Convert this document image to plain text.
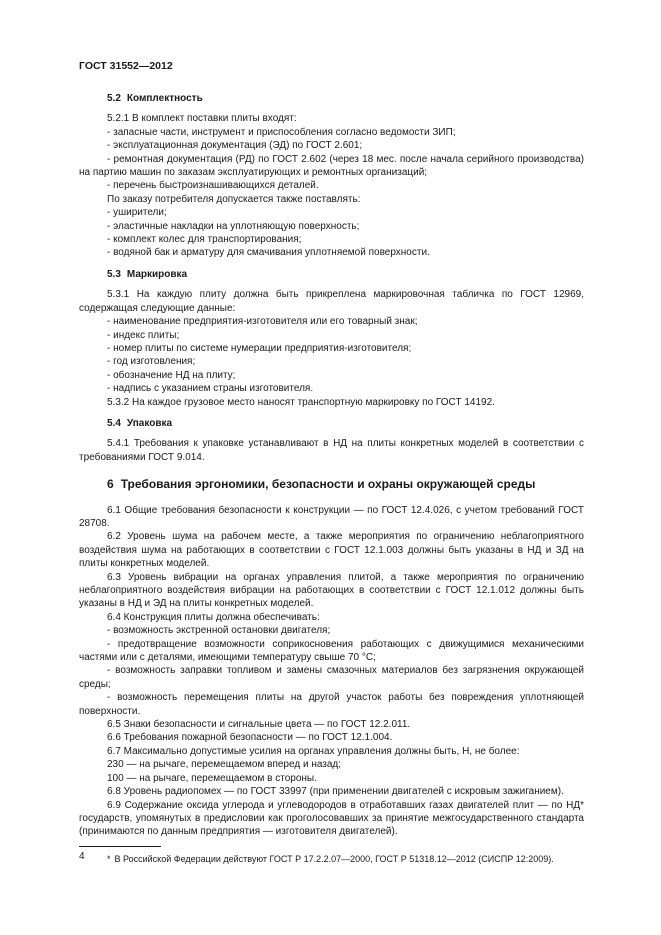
ГОСТ 31552—2012
5.2 Комплектность

5.2.1 В комплект поставки плиты входят:

- запасные части, инструмент и приспособления согласно ведомости ЗИП;

- эксплуатационная документация (ЭД) по ГОСТ 2.601;

- ремонтная документация (РД) по ГОСТ 2.602 (через 18 мес. после начала серийного производства) на партию машин по заказам эксплуатирующих и ремонтных организаций;

- перечень быстроизнашивающихся деталей.

По заказу потребителя допускается также поставлять:

- уширители;

- эластичные накладки на уплотняющую поверхность;

- комплект колес для транспортирования;

- водяной бак и арматуру для смачивания уплотняемой поверхности.

5.3 Маркировка

5.3.1 На каждую плиту должна быть прикреплена маркировочная табличка по ГОСТ 12969, содержащая следующие данные:

- наименование предприятия-изготовителя или его товарный знак;

- индекс плиты;

- номер плиты по системе нумерации предприятия-изготовителя;

- год изготовления;

- обозначение НД на плиту;

- надпись с указанием страны изготовителя.

5.3.2 На каждое грузовое место наносят транспортную маркировку по ГОСТ 14192.

5.4 Упаковка

5.4.1 Требования к упаковке устанавливают в НД на плиты конкретных моделей в соответствии с требованиями ГОСТ 9.014.

6 Требования эргономики, безопасности и охраны окружающей среды

6.1 Общие требования безопасности к конструкции — по ГОСТ 12.4.026, с учетом требований ГОСТ 28708.

6.2 Уровень шума на рабочем месте, а также мероприятия по ограничению неблагоприятного воздействия шума на работающих в соответствии с ГОСТ 12.1.003 должны быть указаны в НД и ЗД на плиты конкретных моделей.

6.3 Уровень вибрации на органах управления плитой, а также мероприятия по ограничению неблагоприятного воздействия вибрации на работающих в соответствии с ГОСТ 12.1.012 должны быть указаны в НД и ЭД на плиты конкретных моделей.

6.4 Конструкция плиты должна обеспечивать:

- возможность экстренной остановки двигателя;

- предотвращение возможности соприкосновения работающих с движущимися механическими частями или с деталями, имеющими температуру свыше 70 °С;

- возможность заправки топливом и замены смазочных материалов без загрязнения окружающей среды;

- возможность перемещения плиты на другой участок работы без повреждения уплотняющей поверхности.

6.5 Знаки безопасности и сигнальные цвета — по ГОСТ 12.2.011.

6.6 Требования пожарной безопасности — по ГОСТ 12.1.004.

6.7 Максимально допустимые усилия на органах управления должны быть, Н, не более:

230 — на рычаге, перемещаемом вперед и назад;

100 — на рычаге, перемещаемом в стороны.

6.8 Уровень радиопомех — по ГОСТ 33997 (при применении двигателей с искровым зажиганием).

6.9 Содержание оксида углерода и углеводородов в отработавших газах двигателей плит — по НД* государств, упомянутых в предисловии как проголосовавших за принятие межгосударственного стандарта (принимаются по данным предприятия — изготовителя двигателей).

* В Российской Федерации действуют ГОСТ Р 17.2.2.07—2000, ГОСТ Р 51318.12—2012 (СИСПР 12:2009).
4
